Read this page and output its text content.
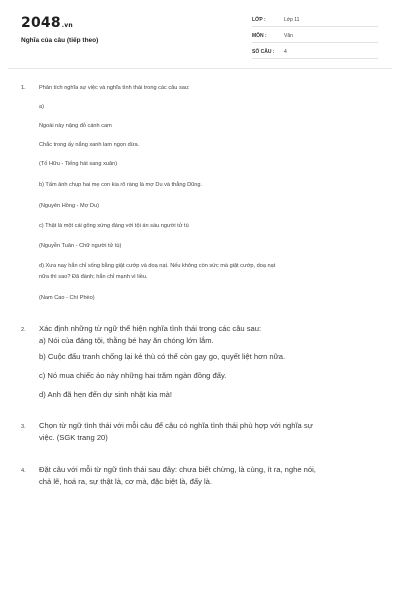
2048.vn
Nghĩa của câu (tiếp theo)
LỚP :	Lớp 11
MÔN :	Văn
SỐ CÂU : 4
1. Phân tích nghĩa sự việc và nghĩa tình thái trong các câu sau:
a)
Ngoài này nặng đỏ cánh cam
Chắc trong ấy nắng xanh lam ngọn dừa.
(Tố Hữu - Tiếng hát sang xuân)
b) Tấm ảnh chụp hai mẹ con kia rõ ràng là mợ Du và thằng Dũng.
(Nguyên Hồng - Mợ Du)
c) Thật là một cái gông xứng đáng với tội án sáu người tử tù
(Nguyễn Tuân - Chữ người tử tù)
d) Xưa nay hắn chỉ sống bằng giật cướp và doạ nạt. Nếu không còn sức mà giật cướp, doạ nạt
nữa thì sao? Đã đành; hắn chỉ mạnh vì liều.
(Nam Cao - Chí Phèo)
2. Xác định những từ ngữ thể hiện nghĩa tình thái trong các câu sau:
a) Nói của đáng tội, thằng bé hay ăn chóng lớn lắm.
b) Cuộc đấu tranh chống lại kẻ thù có thể còn gay go, quyết liệt hơn nữa.
c) Nó mua chiếc áo này những hai trăm ngàn đồng đấy.
d) Anh đã hẹn đến dự sinh nhật kia mà!
3. Chọn từ ngữ tình thái với mỗi câu để câu có nghĩa tình thái phù hợp với nghĩa sự
việc. (SGK trang 20)
4. Đặt câu với mỗi từ ngữ tình thái sau đây: chưa biết chừng, là cùng, ít ra, nghe nói,
chả lẽ, hoá ra, sự thật là, cơ mà, đặc biệt là, đấy là.
